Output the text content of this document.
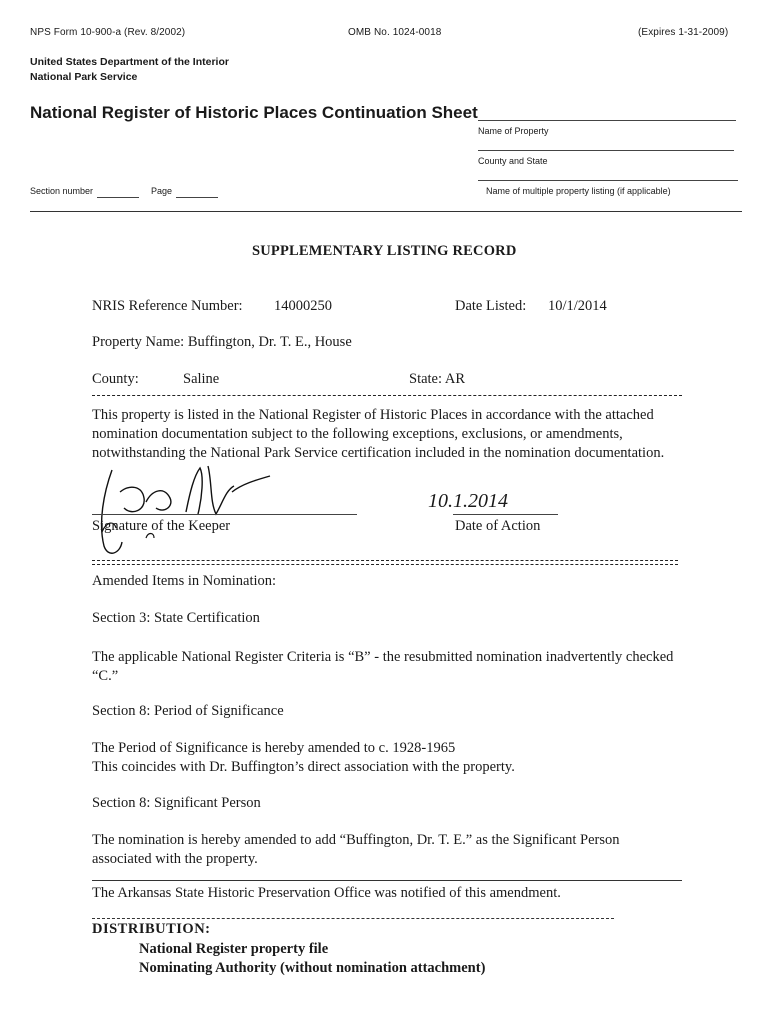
NPS Form 10-900-a (Rev. 8/2002)	OMB No. 1024-0018	(Expires 1-31-2009)
United States Department of the Interior
National Park Service
National Register of Historic Places Continuation Sheet
Name of Property
County and State
Name of multiple property listing (if applicable)
Section number	Page
SUPPLEMENTARY LISTING RECORD
NRIS Reference Number: 14000250	Date Listed: 10/1/2014
Property Name: Buffington, Dr. T. E., House
County:	Saline	State: AR
This property is listed in the National Register of Historic Places in accordance with the attached nomination documentation subject to the following exceptions, exclusions, or amendments, notwithstanding the National Park Service certification included in the nomination documentation.
Signature of the Keeper
10.1.2014
Date of Action
Amended Items in Nomination:
Section 3: State Certification
The applicable National Register Criteria is “B” - the resubmitted nomination inadvertently checked “C.”
Section 8: Period of Significance
The Period of Significance is hereby amended to c. 1928-1965
This coincides with Dr. Buffington’s direct association with the property.
Section 8: Significant Person
The nomination is hereby amended to add “Buffington, Dr. T. E.” as the Significant Person associated with the property.
The Arkansas State Historic Preservation Office was notified of this amendment.
DISTRIBUTION:
National Register property file
Nominating Authority (without nomination attachment)
